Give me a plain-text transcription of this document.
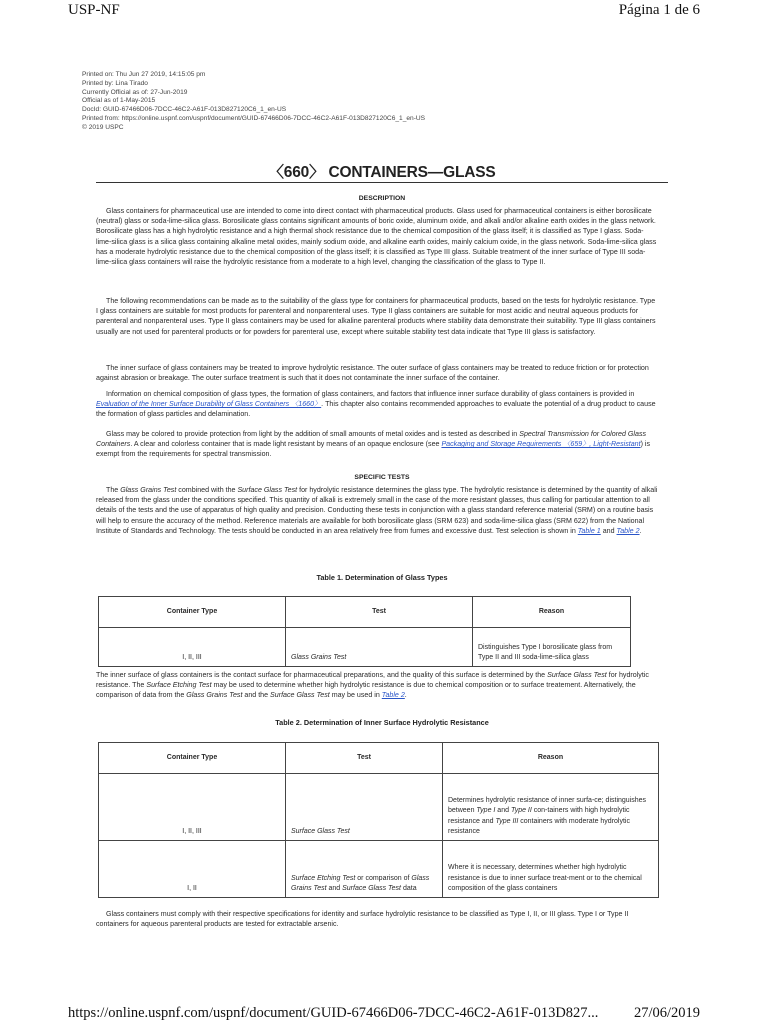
USP-NF	Página 1 de 6
Printed on: Thu Jun 27 2019, 14:15:05 pm
Printed by: Lina Tirado
Currently Official as of: 27-Jun-2019
Official as of 1-May-2015
DocId: GUID-67466D06-7DCC-46C2-A61F-013D827120C6_1_en-US
Printed from: https://online.uspnf.com/uspnf/document/GUID-67466D06-7DCC-46C2-A61F-013D827120C6_1_en-US
© 2019 USPC
〈660〉 CONTAINERS—GLASS
DESCRIPTION
Glass containers for pharmaceutical use are intended to come into direct contact with pharmaceutical products. Glass used for pharmaceutical containers is either borosilicate (neutral) glass or soda-lime-silica glass. Borosilicate glass contains significant amounts of boric oxide, aluminum oxide, and alkali and/or alkaline earth oxides in the glass network. Borosilicate glass has a high hydrolytic resistance and a high thermal shock resistance due to the chemical composition of the glass itself; it is classified as Type I glass. Soda-lime-silica glass is a silica glass containing alkaline metal oxides, mainly sodium oxide, and alkaline earth oxides, mainly calcium oxide, in the glass network. Soda-lime-silica glass has a moderate hydrolytic resistance due to the chemical composition of the glass itself; it is classified as Type III glass. Suitable treatment of the inner surface of Type III soda-lime-silica glass containers will raise the hydrolytic resistance from a moderate to a high level, changing the classification of the glass to Type II.
The following recommendations can be made as to the suitability of the glass type for containers for pharmaceutical products, based on the tests for hydrolytic resistance. Type I glass containers are suitable for most products for parenteral and nonparenteral uses. Type II glass containers are suitable for most acidic and neutral aqueous products for parenteral and nonparenteral uses. Type II glass containers may be used for alkaline parenteral products where stability data demonstrate their suitability. Type III glass containers usually are not used for parenteral products or for powders for parenteral use, except where suitable stability test data indicate that Type III glass is satisfactory.
The inner surface of glass containers may be treated to improve hydrolytic resistance. The outer surface of glass containers may be treated to reduce friction or for protection against abrasion or breakage. The outer surface treatment is such that it does not contaminate the inner surface of the container.
Information on chemical composition of glass types, the formation of glass containers, and factors that influence inner surface durability of glass containers is provided in Evaluation of the Inner Surface Durability of Glass Containers 〈1660〉. This chapter also contains recommended approaches to evaluate the potential of a drug product to cause the formation of glass particles and delamination.
Glass may be colored to provide protection from light by the addition of small amounts of metal oxides and is tested as described in Spectral Transmission for Colored Glass Containers. A clear and colorless container that is made light resistant by means of an opaque enclosure (see Packaging and Storage Requirements 〈659〉, Light-Resistant) is exempt from the requirements for spectral transmission.
SPECIFIC TESTS
The Glass Grains Test combined with the Surface Glass Test for hydrolytic resistance determines the glass type. The hydrolytic resistance is determined by the quantity of alkali released from the glass under the conditions specified. This quantity of alkali is extremely small in the case of the more resistant glasses, thus calling for particular attention to all details of the tests and the use of apparatus of high quality and precision. Conducting these tests in conjunction with a glass standard reference material (SRM) on a routine basis will help to ensure the accuracy of the method. Reference materials are available for both borosilicate glass (SRM 623) and soda-lime-silica glass (SRM 622) from the National Institute of Standards and Technology. The tests should be conducted in an area relatively free from fumes and excessive dust. Test selection is shown in Table 1 and Table 2.
Table 1. Determination of Glass Types
Container Type	Test	Reason
I, II, III	Glass Grains Test	Distinguishes Type I borosilicate glass from Type II and III soda-lime-silica glass
The inner surface of glass containers is the contact surface for pharmaceutical preparations, and the quality of this surface is determined by the Surface Glass Test for hydrolytic resistance. The Surface Etching Test may be used to determine whether high hydrolytic resistance is due to chemical composition or to surface treatement. Alternatively, the comparison of data from the Glass Grains Test and the Surface Glass Test may be used in Table 2.
Table 2. Determination of Inner Surface Hydrolytic Resistance
Container Type	Test	Reason
I, II, III	Surface Glass Test	Determines hydrolytic resistance of inner surfa-ce; distinguishes between Type I and Type II con-tainers with high hydrolytic resistance and Type III containers with moderate hydrolytic resistance
I, II	Surface Etching Test or comparison of Glass Grains Test and Surface Glass Test data	Where it is necessary, determines whether high hydrolytic resistance is due to inner surface treat-ment or to the chemical composition of the glass containers
Glass containers must comply with their respective specifications for identity and surface hydrolytic resistance to be classified as Type I, II, or III glass. Type I or Type II containers for aqueous parenteral products are tested for extractable arsenic.
https://online.uspnf.com/uspnf/document/GUID-67466D06-7DCC-46C2-A61F-013D827... 27/06/2019
